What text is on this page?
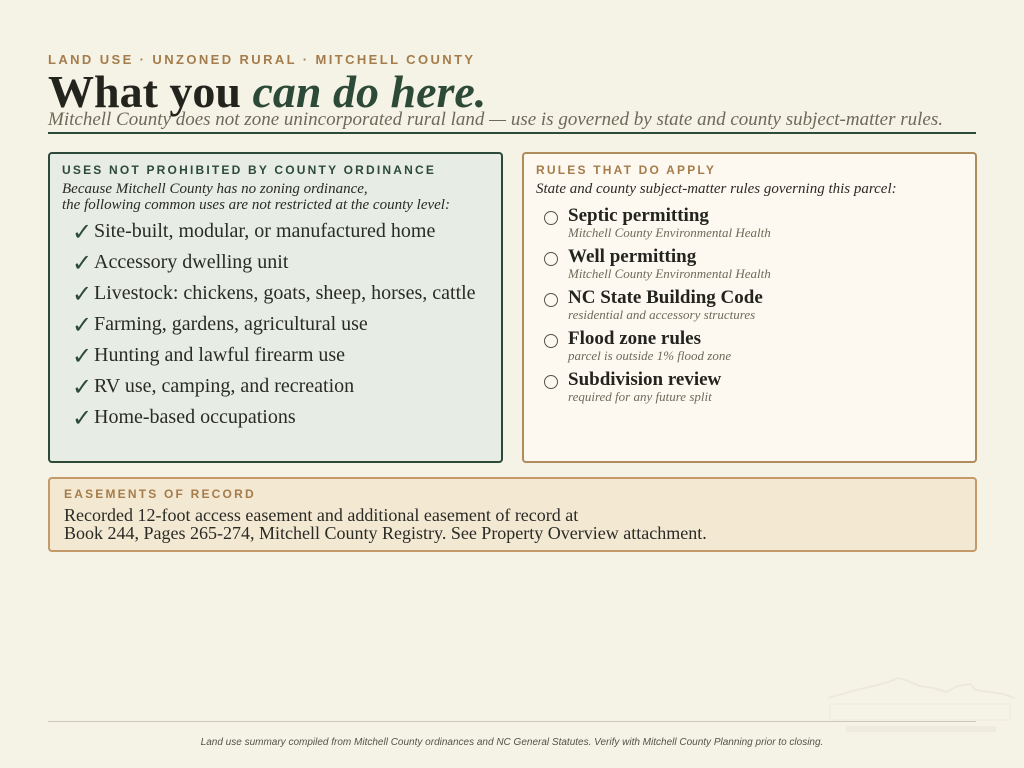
LAND USE · UNZONED RURAL · MITCHELL COUNTY
What you can do here.
Mitchell County does not zone unincorporated rural land — use is governed by state and county subject-matter rules.
USES NOT PROHIBITED BY COUNTY ORDINANCE
Because Mitchell County has no zoning ordinance,
the following common uses are not restricted at the county level:
✓ Site-built, modular, or manufactured home
✓ Accessory dwelling unit
✓ Livestock: chickens, goats, sheep, horses, cattle
✓ Farming, gardens, agricultural use
✓ Hunting and lawful firearm use
✓ RV use, camping, and recreation
✓ Home-based occupations
RULES THAT DO APPLY
State and county subject-matter rules governing this parcel:
Septic permitting
Mitchell County Environmental Health
Well permitting
Mitchell County Environmental Health
NC State Building Code
residential and accessory structures
Flood zone rules
parcel is outside 1% flood zone
Subdivision review
required for any future split
EASEMENTS OF RECORD
Recorded 12-foot access easement and additional easement of record at
Book 244, Pages 265-274, Mitchell County Registry. See Property Overview attachment.
Land use summary compiled from Mitchell County ordinances and NC General Statutes. Verify with Mitchell County Planning prior to closing.
